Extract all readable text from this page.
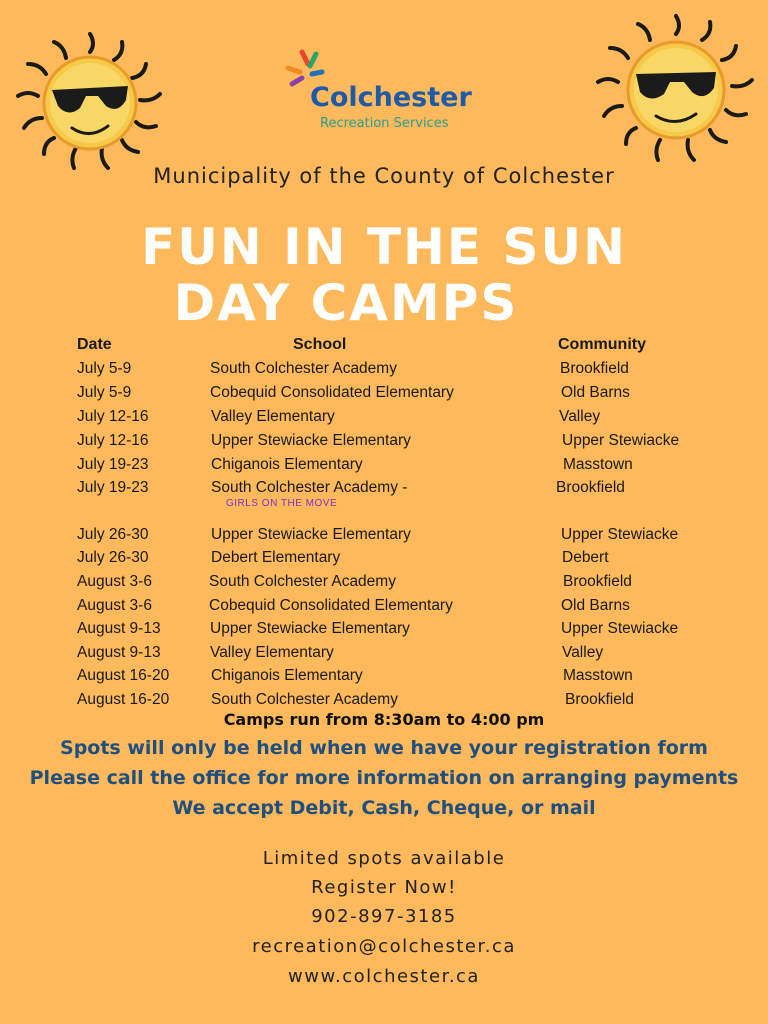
Colchester
Recreation Services
Municipality of the County of Colchester
FUN IN THE SUN
DAY CAMPS
Date	School	Community
July 5-9	South Colchester Academy	Brookfield
July 5-9	Cobequid Consolidated Elementary	Old Barns
July 12-16	Valley Elementary	Valley
July 12-16	Upper Stewiacke Elementary	Upper Stewiacke
July 19-23	Chiganois Elementary	Masstown
July 19-23	South Colchester Academy -	Brookfield
GIRLS ON THE MOVE
July 26-30	Upper Stewiacke Elementary	Upper Stewiacke
July 26-30	Debert Elementary	Debert
August 3-6	South Colchester Academy	Brookfield
August 3-6	Cobequid Consolidated Elementary	Old Barns
August 9-13	Upper Stewiacke Elementary	Upper Stewiacke
August 9-13	Valley Elementary	Valley
August 16-20	Chiganois Elementary	Masstown
August 16-20	South Colchester Academy	Brookfield
Camps run from 8:30am to 4:00 pm
Spots will only be held when we have your registration form
Please call the office for more information on arranging payments
We accept Debit, Cash, Cheque, or mail
Limited spots available
Register Now!
902-897-3185
recreation@colchester.ca
www.colchester.ca
